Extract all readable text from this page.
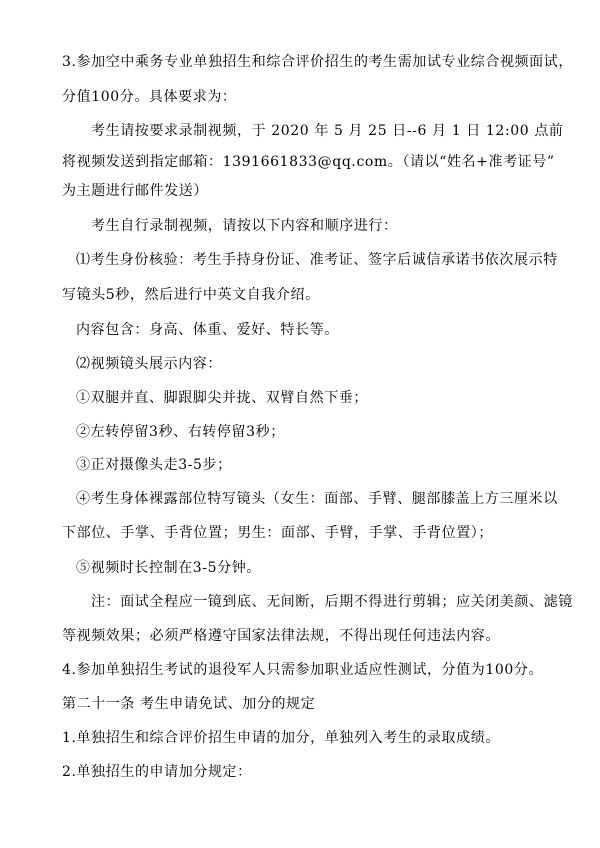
3.参加空中乘务专业单独招生和综合评价招生的考生需加试专业综合视频面试，
分值100分。具体要求为：
考生请按要求录制视频，于 2020 年 5 月 25 日--6 月 1 日 12:00 点前
将视频发送到指定邮箱：1391661833@qq.com。（请以“姓名+准考证号”
为主题进行邮件发送）
考生自行录制视频，请按以下内容和顺序进行：
⑴考生身份核验：考生手持身份证、准考证、签字后诚信承诺书依次展示特
写镜头5秒，然后进行中英文自我介绍。
内容包含：身高、体重、爱好、特长等。
⑵视频镜头展示内容：
①双腿并直、脚跟脚尖并拢、双臂自然下垂；
②左转停留3秒、右转停留3秒；
③正对摄像头走3-5步；
④考生身体裸露部位特写镜头（女生：面部、手臂、腿部膝盖上方三厘米以
下部位、手掌、手背位置；男生：面部、手臂，手掌、手背位置）；
⑤视频时长控制在3-5分钟。
注：面试全程应一镜到底、无间断，后期不得进行剪辑；应关闭美颜、滤镜
等视频效果；必须严格遵守国家法律法规，不得出现任何违法内容。
4.参加单独招生考试的退役军人只需参加职业适应性测试，分值为100分。
第二十一条 考生申请免试、加分的规定
1.单独招生和综合评价招生申请的加分，单独列入考生的录取成绩。
2.单独招生的申请加分规定：
